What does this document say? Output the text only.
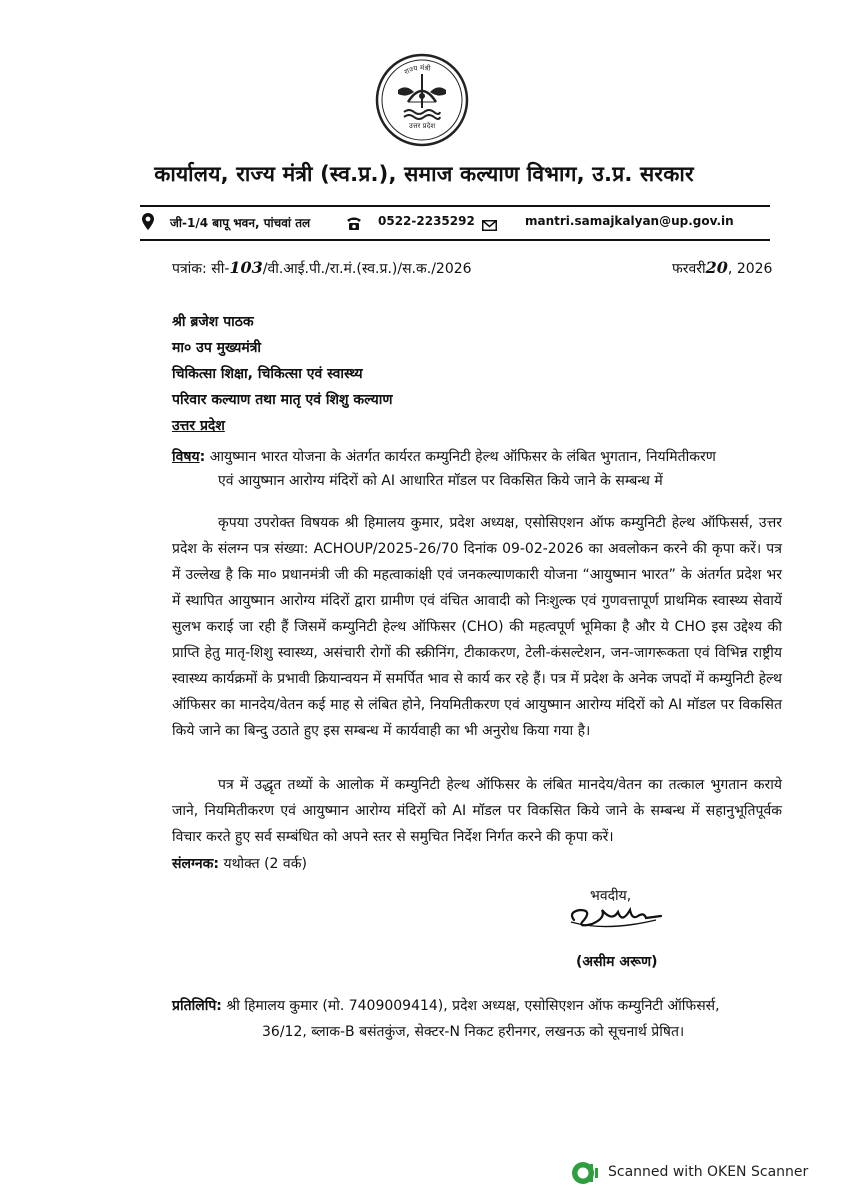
राज्य मंत्री
उत्तर प्रदेश
कार्यालय, राज्य मंत्री (स्व.प्र.), समाज कल्याण विभाग, उ.प्र. सरकार
जी-1/4 बापू भवन, पांचवां तल	0522-2235292	mantri.samajkalyan@up.gov.in
पत्रांक: सी-103/वी.आई.पी./रा.मं.(स्व.प्र.)/स.क./2026	फरवरी20, 2026
श्री ब्रजेश पाठक
मा० उप मुख्यमंत्री
चिकित्सा शिक्षा, चिकित्सा एवं स्वास्थ्य
परिवार कल्याण तथा मातृ एवं शिशु कल्याण
उत्तर प्रदेश
विषय: आयुष्मान भारत योजना के अंतर्गत कार्यरत कम्युनिटी हेल्थ ऑफिसर के लंबित भुगतान, नियमितीकरण
एवं आयुष्मान आरोग्य मंदिरों को AI आधारित मॉडल पर विकसित किये जाने के सम्बन्ध में
कृपया उपरोक्त विषयक श्री हिमालय कुमार, प्रदेश अध्यक्ष, एसोसिएशन ऑफ कम्युनिटी हेल्थ ऑफिसर्स, उत्तर प्रदेश के संलग्न पत्र संख्या: ACHOUP/2025-26/70 दिनांक 09-02-2026 का अवलोकन करने की कृपा करें। पत्र में उल्लेख है कि मा० प्रधानमंत्री जी की महत्वाकांक्षी एवं जनकल्याणकारी योजना “आयुष्मान भारत” के अंतर्गत प्रदेश भर में स्थापित आयुष्मान आरोग्य मंदिरों द्वारा ग्रामीण एवं वंचित आवादी को निःशुल्क एवं गुणवत्तापूर्ण प्राथमिक स्वास्थ्य सेवायें सुलभ कराई जा रही हैं जिसमें कम्युनिटी हेल्थ ऑफिसर (CHO) की महत्वपूर्ण भूमिका है और ये CHO इस उद्देश्य की प्राप्ति हेतु मातृ-शिशु स्वास्थ्य, असंचारी रोगों की स्क्रीनिंग, टीकाकरण, टेली-कंसल्टेशन, जन-जागरूकता एवं विभिन्न राष्ट्रीय स्वास्थ्य कार्यक्रमों के प्रभावी क्रियान्वयन में समर्पित भाव से कार्य कर रहे हैं। पत्र में प्रदेश के अनेक जपदों में कम्युनिटी हेल्थ ऑफिसर का मानदेय/वेतन कई माह से लंबित होने, नियमितीकरण एवं आयुष्मान आरोग्य मंदिरों को AI मॉडल पर विकसित किये जाने का बिन्दु उठाते हुए इस सम्बन्ध में कार्यवाही का भी अनुरोध किया गया है।
पत्र में उद्धृत तथ्यों के आलोक में कम्युनिटी हेल्थ ऑफिसर के लंबित मानदेय/वेतन का तत्काल भुगतान कराये जाने, नियमितीकरण एवं आयुष्मान आरोग्य मंदिरों को AI मॉडल पर विकसित किये जाने के सम्बन्ध में सहानुभूतिपूर्वक विचार करते हुए सर्व सम्बंधित को अपने स्तर से समुचित निर्देश निर्गत करने की कृपा करें।
संलग्नक: यथोक्त (2 वर्क)
भवदीय,
(असीम अरूण)
प्रतिलिपि: श्री हिमालय कुमार (मो. 7409009414), प्रदेश अध्यक्ष, एसोसिएशन ऑफ कम्युनिटी ऑफिसर्स,
36/12, ब्लाक-B बसंतकुंज, सेक्टर-N निकट हरीनगर, लखनऊ को सूचनार्थ प्रेषित।
Scanned with OKEN Scanner
